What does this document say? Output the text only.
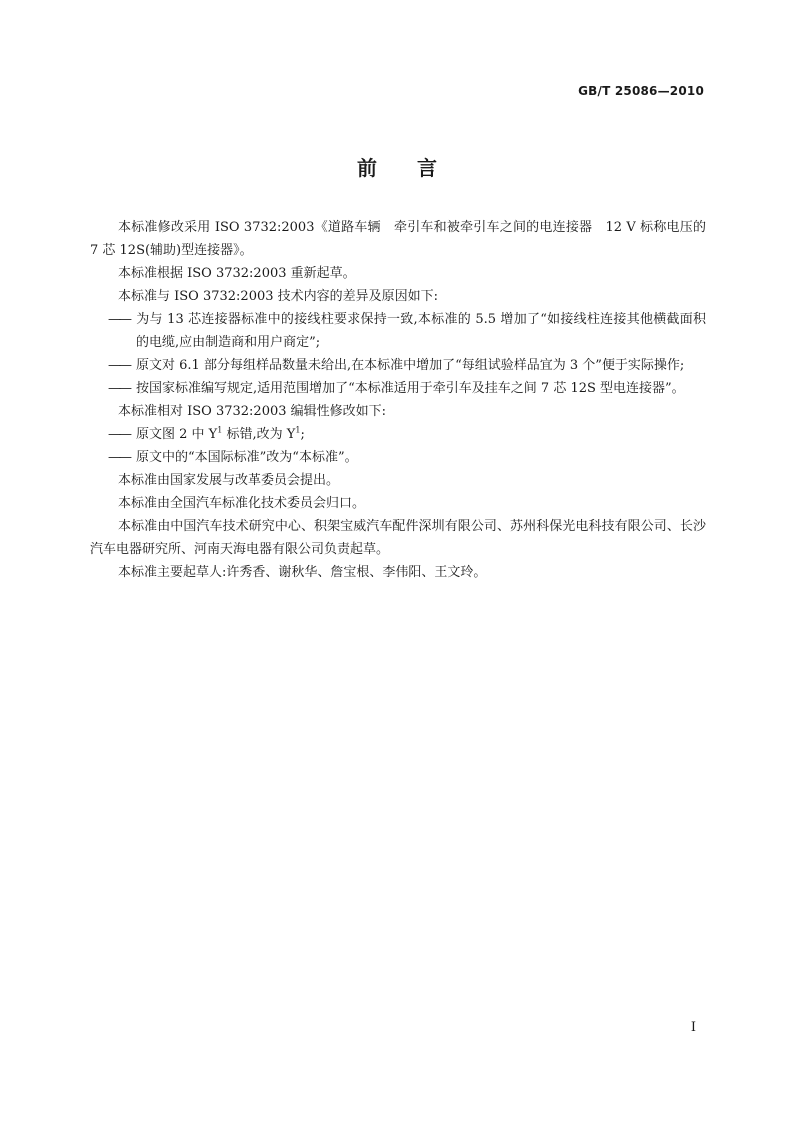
GB/T 25086—2010
前言

本标准修改采用 ISO 3732:2003《道路车辆　牵引车和被牵引车之间的电连接器　12 V 标称电压的 7 芯 12S(辅助)型连接器》。

本标准根据 ISO 3732:2003 重新起草。

本标准与 ISO 3732:2003 技术内容的差异及原因如下:

—— 为与 13 芯连接器标准中的接线柱要求保持一致,本标准的 5.5 增加了“如接线柱连接其他横截面积的电缆,应由制造商和用户商定”;

—— 原文对 6.1 部分每组样品数量未给出,在本标准中增加了“每组试验样品宜为 3 个”便于实际操作;

—— 按国家标准编写规定,适用范围增加了“本标准适用于牵引车及挂车之间 7 芯 12S 型电连接器”。

本标准相对 ISO 3732:2003 编辑性修改如下:

—— 原文图 2 中 $Y^1$ 标错,改为 $Y^1$;

—— 原文中的“本国际标准”改为“本标准”。

本标准由国家发展与改革委员会提出。

本标准由全国汽车标准化技术委员会归口。

本标准由中国汽车技术研究中心、积架宝威汽车配件深圳有限公司、苏州科保光电科技有限公司、长沙汽车电器研究所、河南天海电器有限公司负责起草。

本标准主要起草人:许秀香、谢秋华、詹宝根、李伟阳、王文玲。

I
